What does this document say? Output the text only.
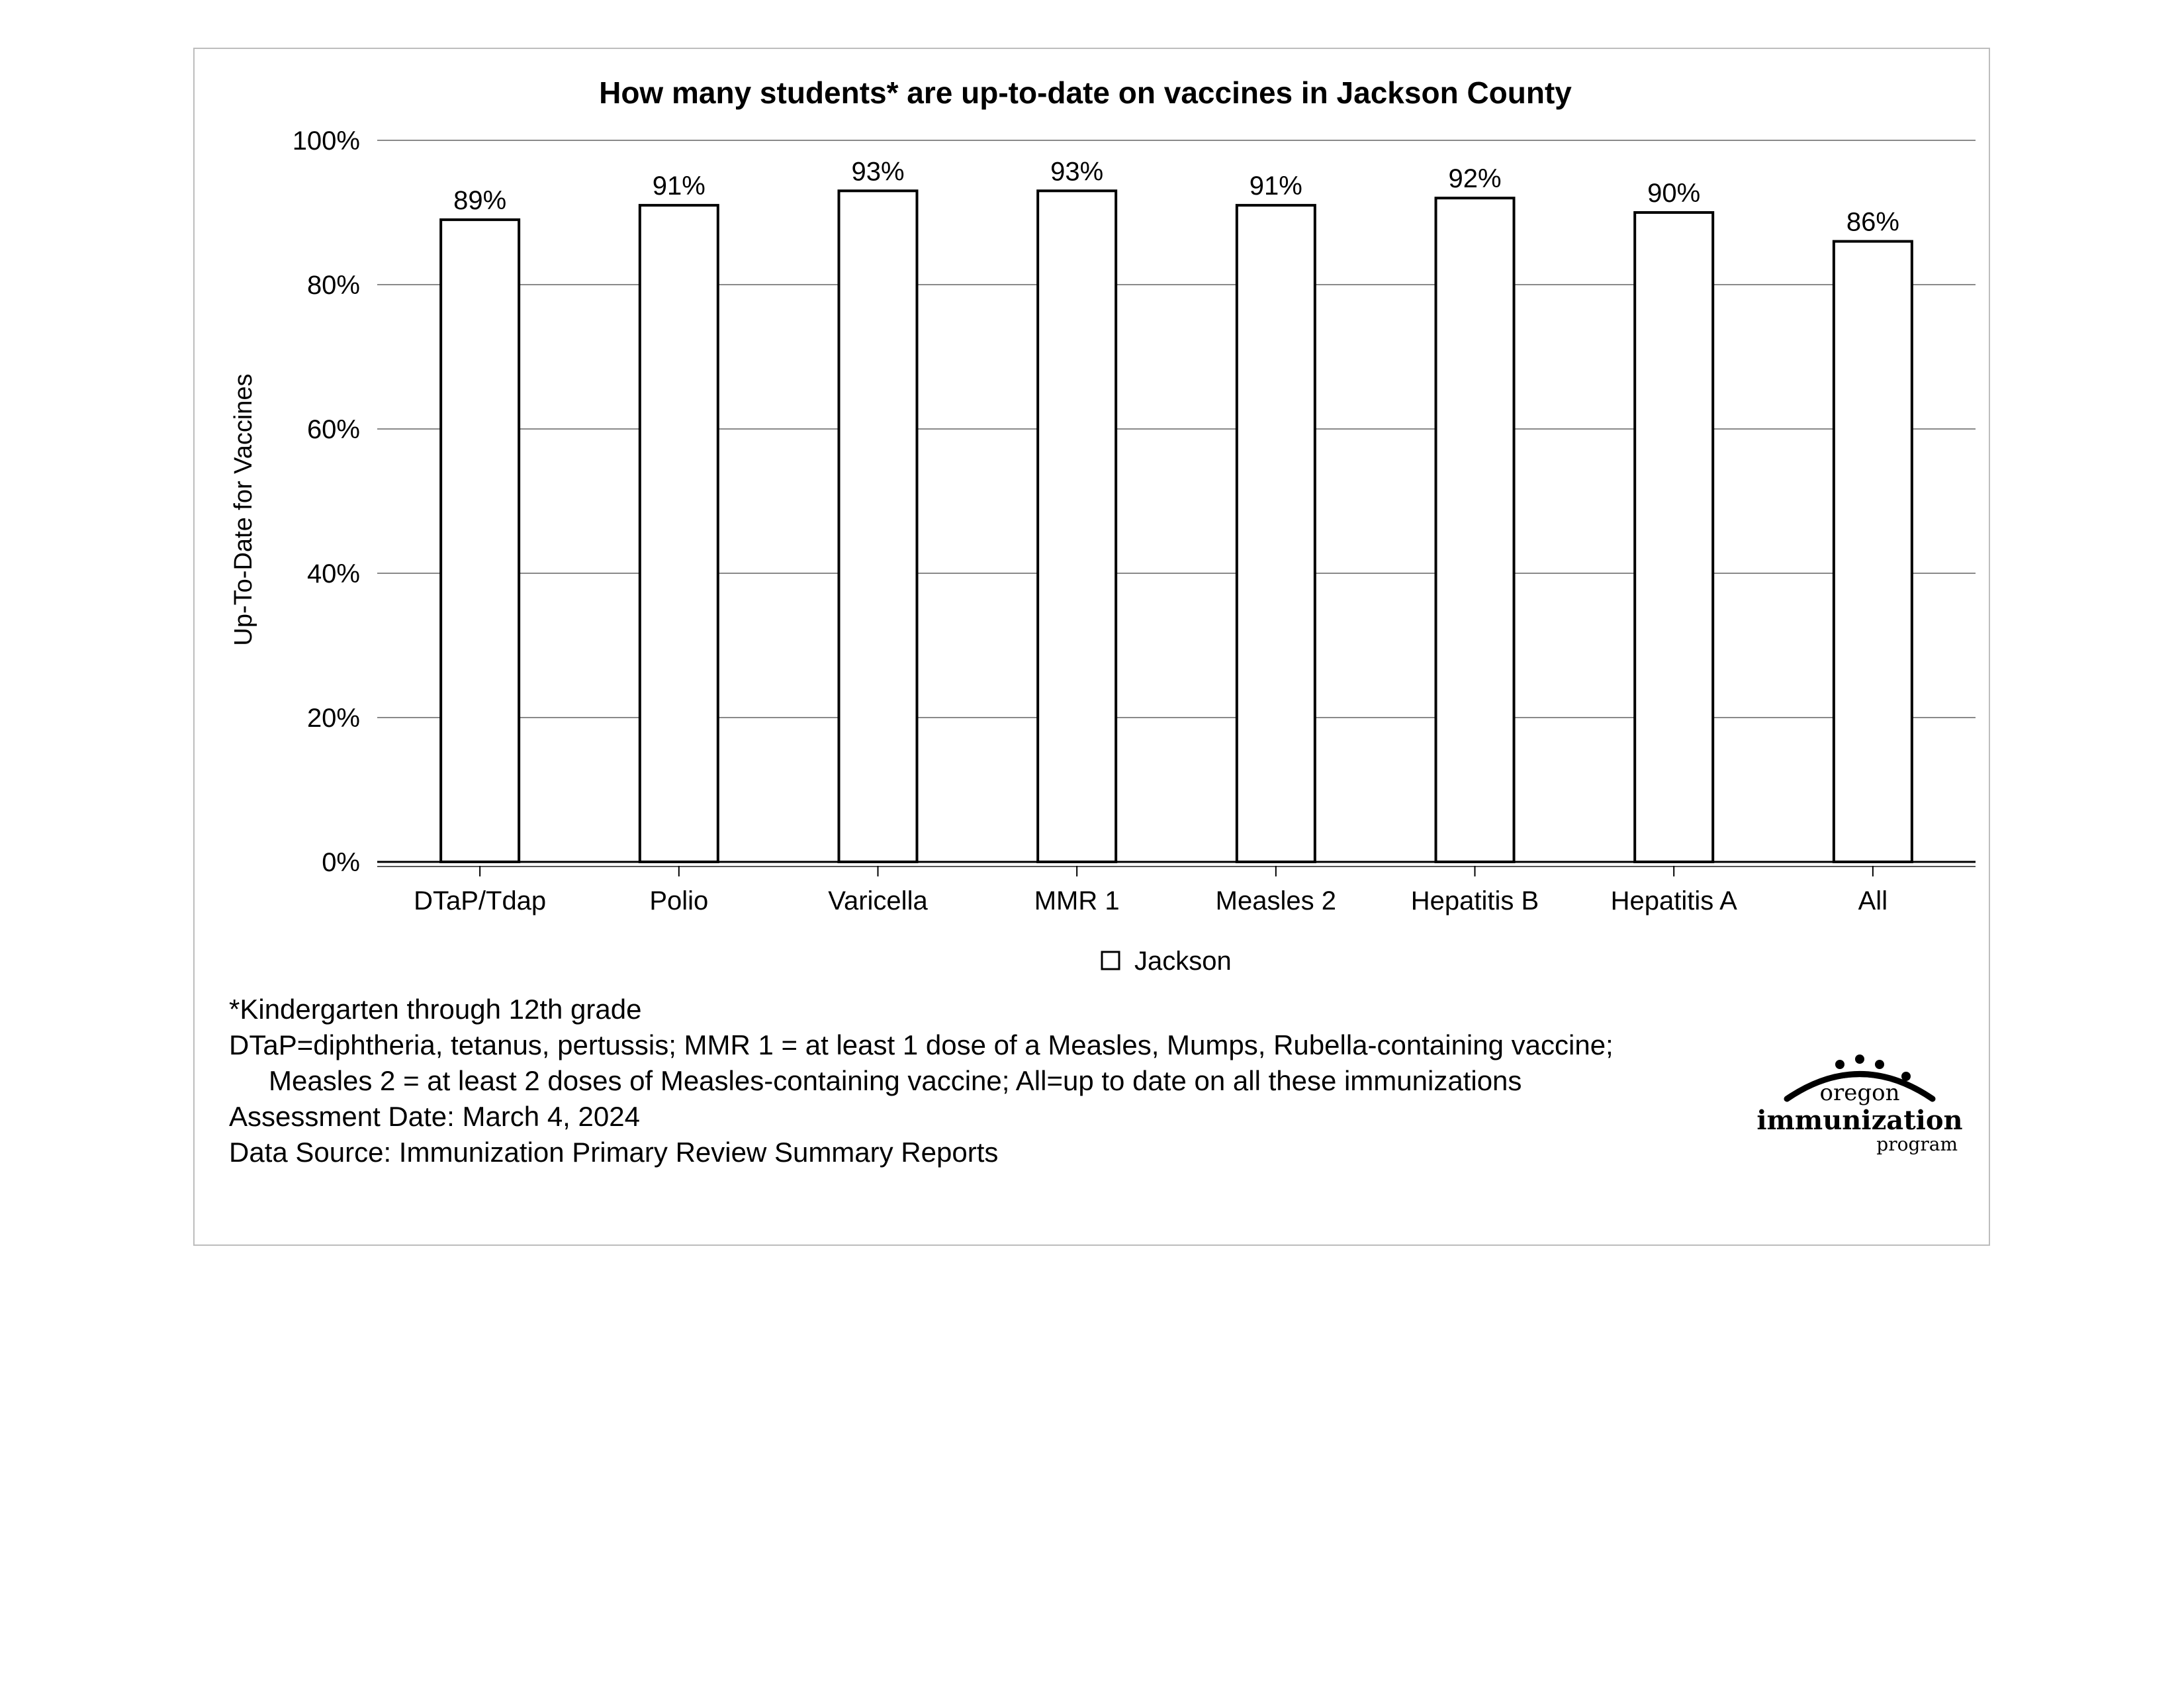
How many students* are up-to-date on vaccines in Jackson County
Up-To-Date for Vaccines
0%
20%
40%
60%
80%
100%
89%	91%	93%	93%	91%	92%	90%
86%
DTaP/Tdap	Polio	Varicella	MMR 1	Measles 2	Hepatitis B	Hepatitis A	All
Jackson
*Kindergarten through 12th grade
DTaP=diphtheria, tetanus, pertussis; MMR 1 = at least 1 dose of a Measles, Mumps, Rubella-containing vaccine;
Measles 2 = at least 2 doses of Measles-containing vaccine; All=up to date on all these immunizations
Assessment Date: March 4, 2024
Data Source: Immunization Primary Review Summary Reports
oregon
immunization
program
